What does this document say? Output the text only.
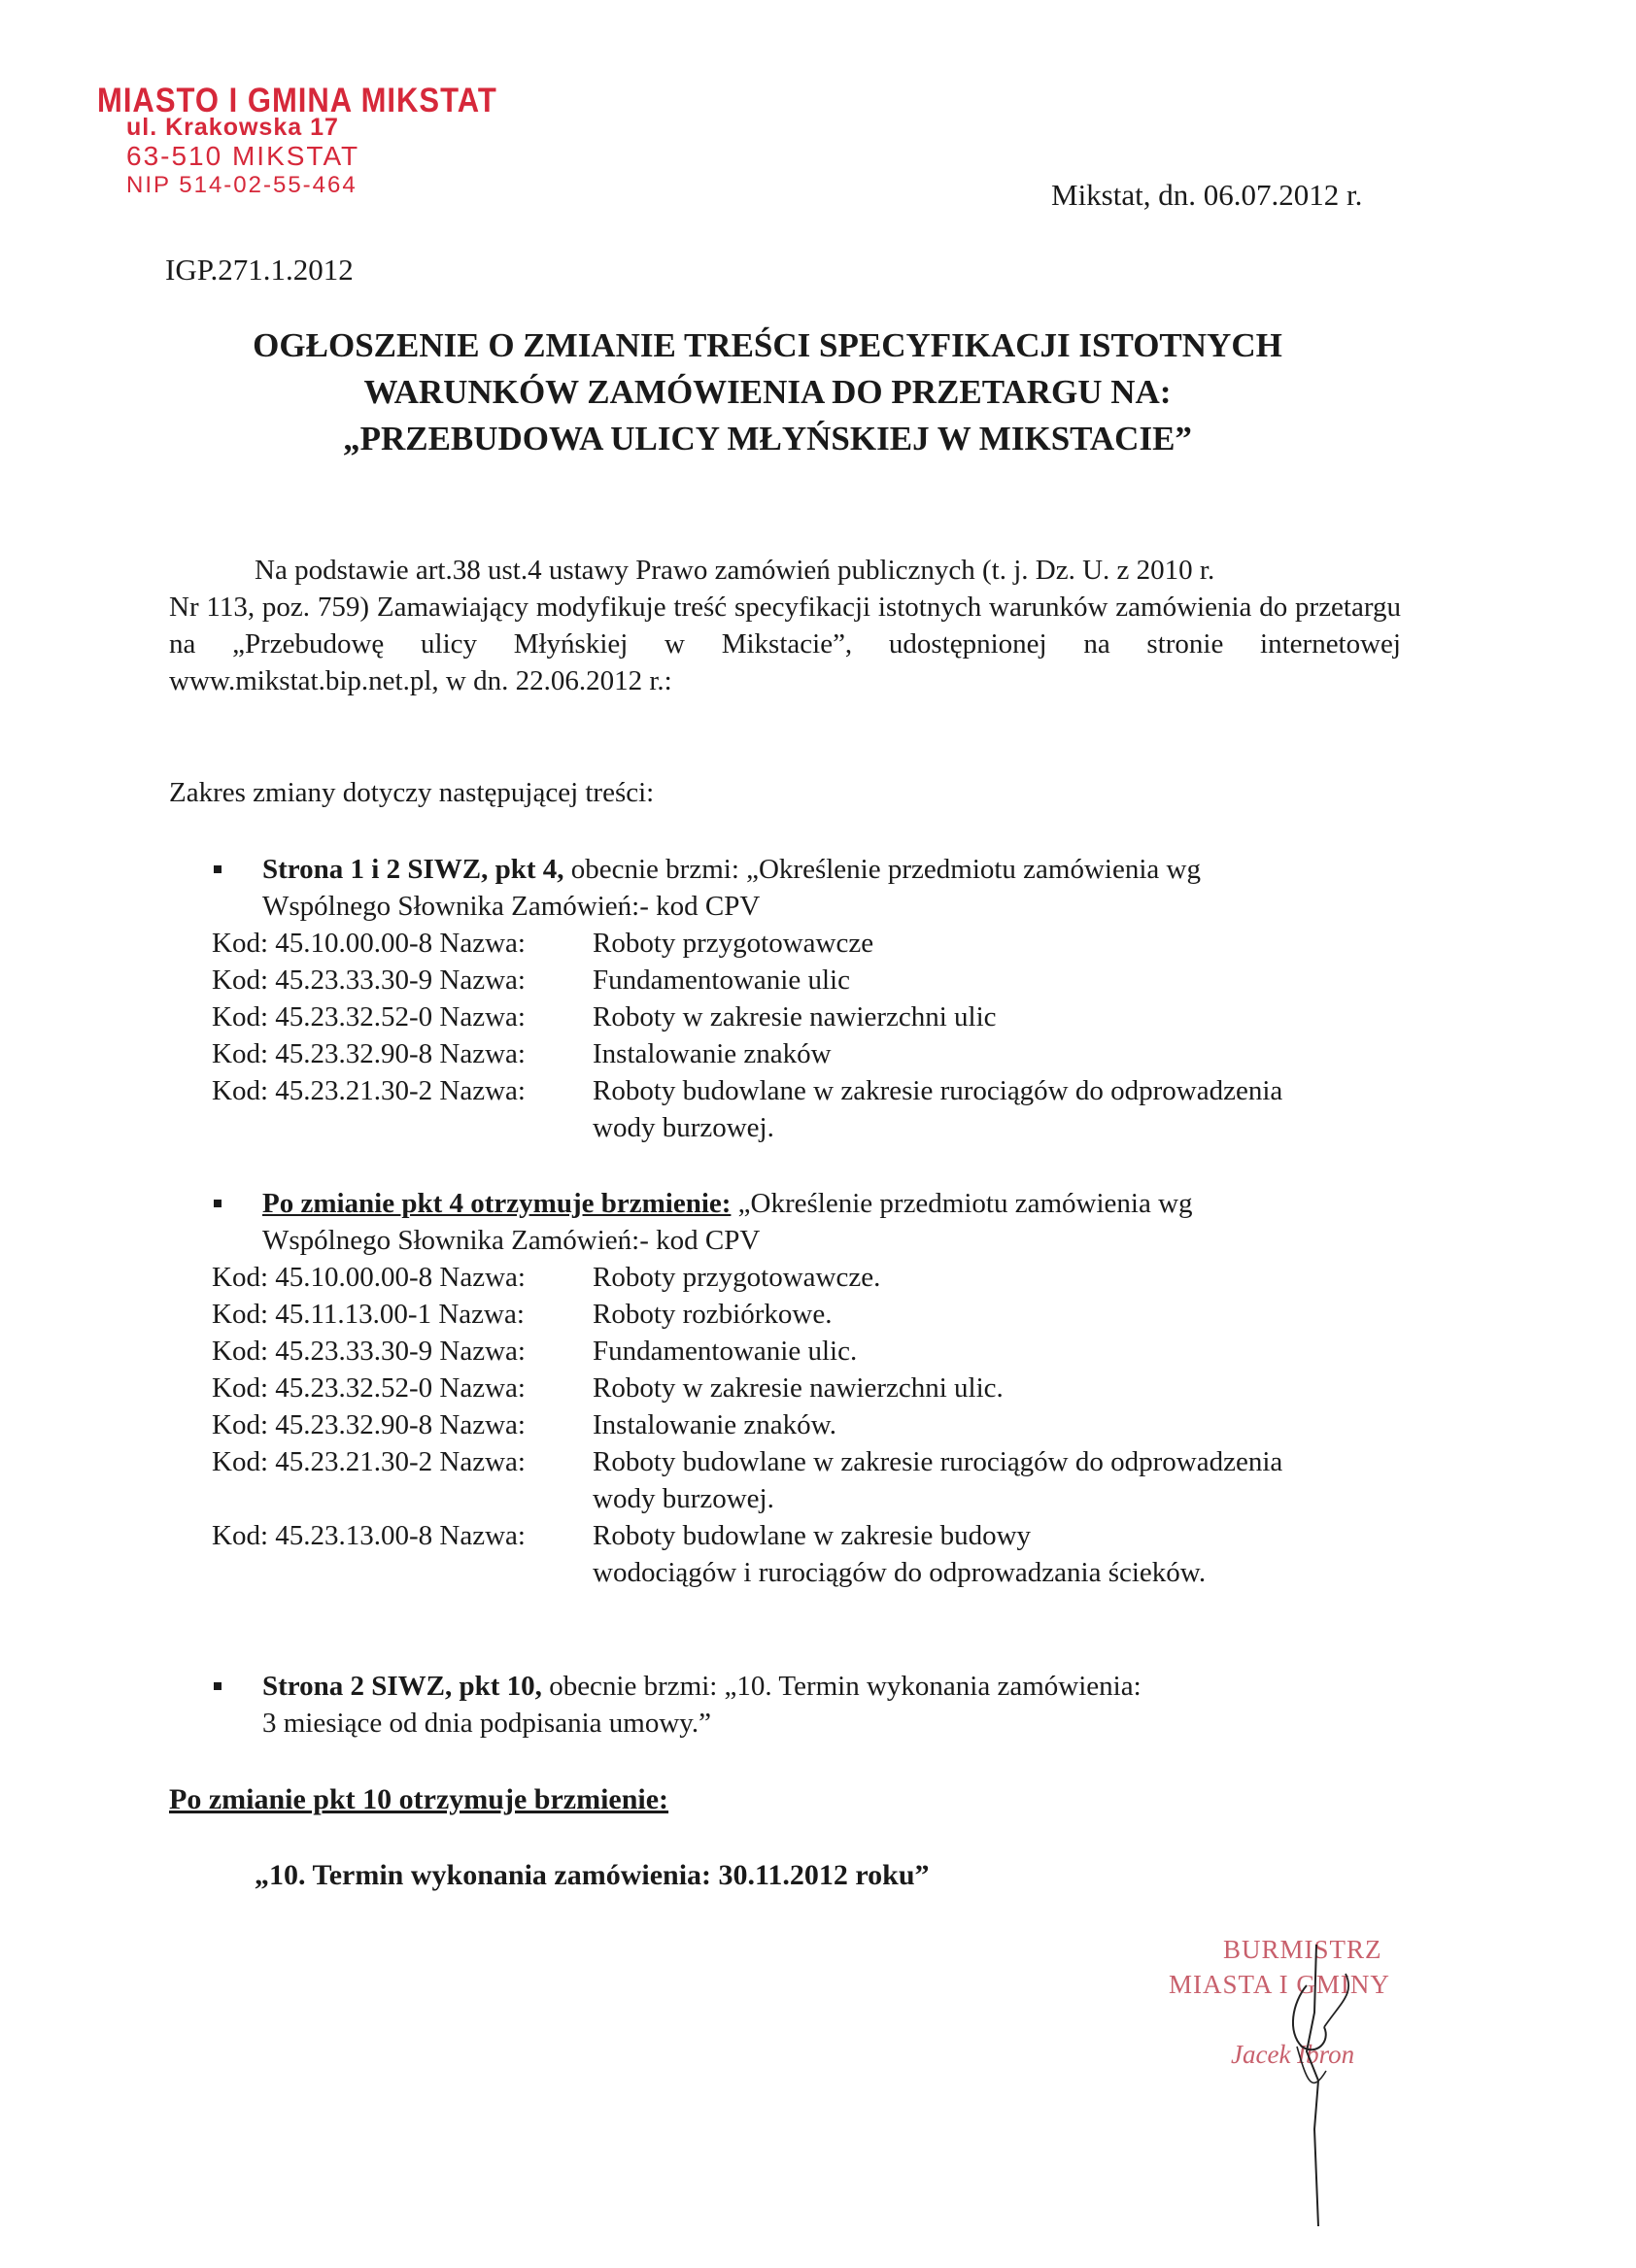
MIASTO I GMINA MIKSTAT
ul. Krakowska 17
63-510 MIKSTAT
NIP 514-02-55-464	Mikstat, dn. 06.07.2012 r.
IGP.271.1.2012
OGŁOSZENIE O ZMIANIE TREŚCI SPECYFIKACJI ISTOTNYCH
WARUNKÓW ZAMÓWIENIA DO PRZETARGU NA:
„PRZEBUDOWA ULICY MŁYŃSKIEJ W MIKSTACIE”
Na podstawie art.38 ust.4 ustawy Prawo zamówień publicznych (t. j. Dz. U. z 2010 r.
Nr 113, poz. 759) Zamawiający modyfikuje treść specyfikacji istotnych warunków zamówienia do przetargu na „Przebudowę ulicy Młyńskiej w Mikstacie”, udostępnionej na stronie internetowej www.mikstat.bip.net.pl, w dn. 22.06.2012 r.:
Zakres zmiany dotyczy następującej treści:
Strona 1 i 2 SIWZ, pkt 4, obecnie brzmi: „Określenie przedmiotu zamówienia wg
Wspólnego Słownika Zamówień:- kod CPV
Kod: 45.10.00.00-8 Nazwa:	Roboty przygotowawcze
Kod: 45.23.33.30-9 Nazwa:	Fundamentowanie ulic
Kod: 45.23.32.52-0 Nazwa:	Roboty w zakresie nawierzchni ulic
Kod: 45.23.32.90-8 Nazwa:	Instalowanie znaków
Kod: 45.23.21.30-2 Nazwa:	Roboty budowlane w zakresie rurociągów do odprowadzenia
wody burzowej.
Po zmianie pkt 4 otrzymuje brzmienie: „Określenie przedmiotu zamówienia wg
Wspólnego Słownika Zamówień:- kod CPV
Kod: 45.10.00.00-8 Nazwa:	Roboty przygotowawcze.
Kod: 45.11.13.00-1 Nazwa:	Roboty rozbiórkowe.
Kod: 45.23.33.30-9 Nazwa:	Fundamentowanie ulic.
Kod: 45.23.32.52-0 Nazwa:	Roboty w zakresie nawierzchni ulic.
Kod: 45.23.32.90-8 Nazwa:	Instalowanie znaków.
Kod: 45.23.21.30-2 Nazwa:	Roboty budowlane w zakresie rurociągów do odprowadzenia
wody burzowej.
Kod: 45.23.13.00-8 Nazwa:	Roboty budowlane w zakresie budowy
wodociągów i rurociągów do odprowadzania ścieków.
Strona 2 SIWZ, pkt 10, obecnie brzmi: „10. Termin wykonania zamówienia:
3 miesiące od dnia podpisania umowy.”
Po zmianie pkt 10 otrzymuje brzmienie:
„10. Termin wykonania zamówienia: 30.11.2012 roku”
BURMISTRZ
MIASTA I GMINY
Jacek Ibron
